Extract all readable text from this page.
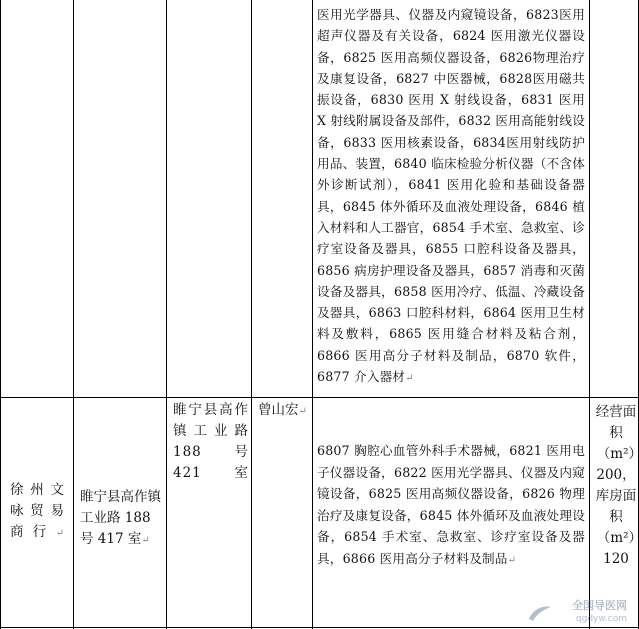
医用光学器具、仪器及内窥镜设备，6823医用超声仪器及有关设备，6824 医用激光仪器设备，6825 医用高频仪器设备，6826物理治疗及康复设备，6827 中医器械，6828医用磁共振设备，6830 医用 X 射线设备，6831 医用 X 射线附属设备及部件，6832 医用高能射线设备，6833 医用核素设备，6834医用射线防护用品、装置，6840 临床检验分析仪器（不含体外诊断试剂），6841 医用化验和基础设备器具，6845 体外循环及血液处理设备，6846 植入材料和人工器官，6854 手术室、急救室、诊疗室设备及器具，6855 口腔科设备及器具，6856 病房护理设备及器具，6857 消毒和灭菌设备及器具，6858 医用冷疗、低温、冷藏设备及器具，6863 口腔科材料，6864 医用卫生材料及敷料，6865 医用缝合材料及粘合剂，6866 医用高分子材料及制品，6870 软件，6877 介入器材↵
徐州文咏贸易商行↵
睢宁县高作镇工业路 188 号 417 室↵
睢宁县高作镇工业路 188 号 421 室
曾山宏↵
6807 胸腔心血管外科手术器械，6821 医用电子仪器设备，6822 医用光学器具、仪器及内窥镜设备，6825 医用高频仪器设备，6826 物理治疗及康复设备，6845 体外循环及血液处理设备，6854 手术室、急救室、诊疗室设备及器具，6866 医用高分子材料及制品↵
经营面积（m²）200，库房面积（m²）120
全国导医网
qgdyw.com
